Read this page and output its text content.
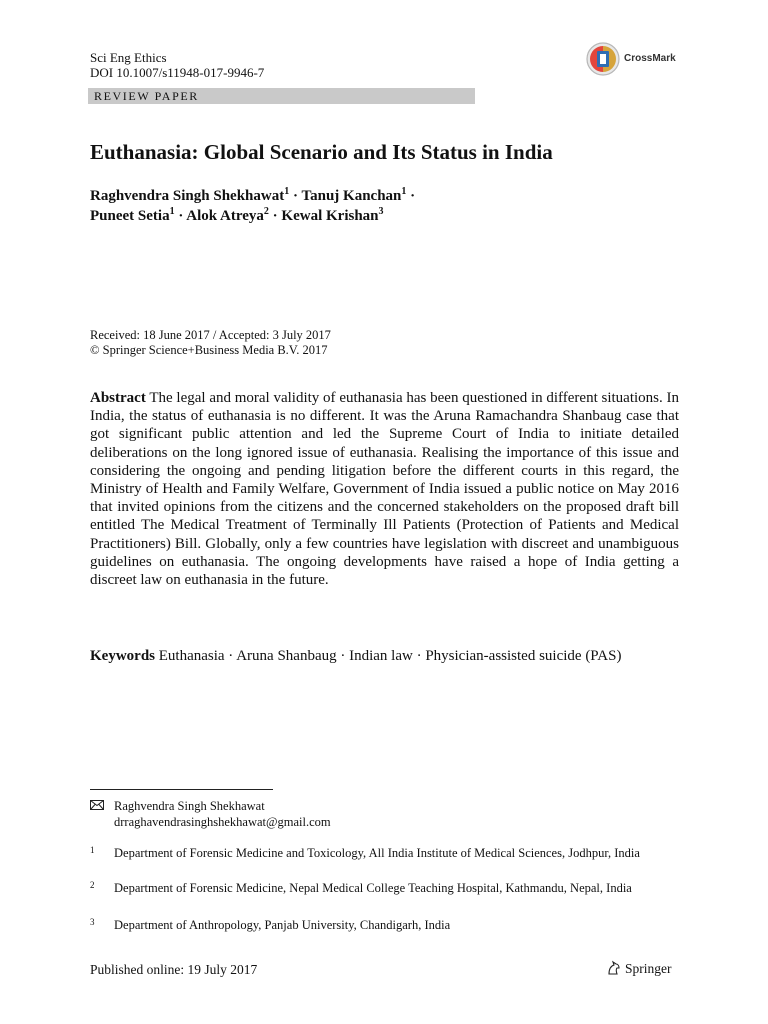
Sci Eng Ethics
DOI 10.1007/s11948-017-9946-7
CrossMark
REVIEW PAPER
Euthanasia: Global Scenario and Its Status in India
Raghvendra Singh Shekhawat$^1$ · Tanuj Kanchan$^1$ ·
Puneet Setia$^1$ · Alok Atreya$^2$ · Kewal Krishan$^3$
Received: 18 June 2017 / Accepted: 3 July 2017
© Springer Science+Business Media B.V. 2017
Abstract The legal and moral validity of euthanasia has been questioned in different situations. In India, the status of euthanasia is no different. It was the Aruna Ramachandra Shanbaug case that got significant public attention and led the Supreme Court of India to initiate detailed deliberations on the long ignored issue of euthanasia. Realising the importance of this issue and considering the ongoing and pending litigation before the different courts in this regard, the Ministry of Health and Family Welfare, Government of India issued a public notice on May 2016 that invited opinions from the citizens and the concerned stakeholders on the proposed draft bill entitled The Medical Treatment of Terminally Ill Patients (Protection of Patients and Medical Practitioners) Bill. Globally, only a few countries have legislation with discreet and unambiguous guidelines on euthanasia. The ongoing developments have raised a hope of India getting a discreet law on euthanasia in the future.
Keywords Euthanasia · Aruna Shanbaug · Indian law · Physician-assisted suicide (PAS)
Raghvendra Singh Shekhawat
drraghavendrasinghshekhawat@gmail.com
1 Department of Forensic Medicine and Toxicology, All India Institute of Medical Sciences, Jodhpur, India
2 Department of Forensic Medicine, Nepal Medical College Teaching Hospital, Kathmandu, Nepal, India
3 Department of Anthropology, Panjab University, Chandigarh, India
Published online: 19 July 2017	Springer
